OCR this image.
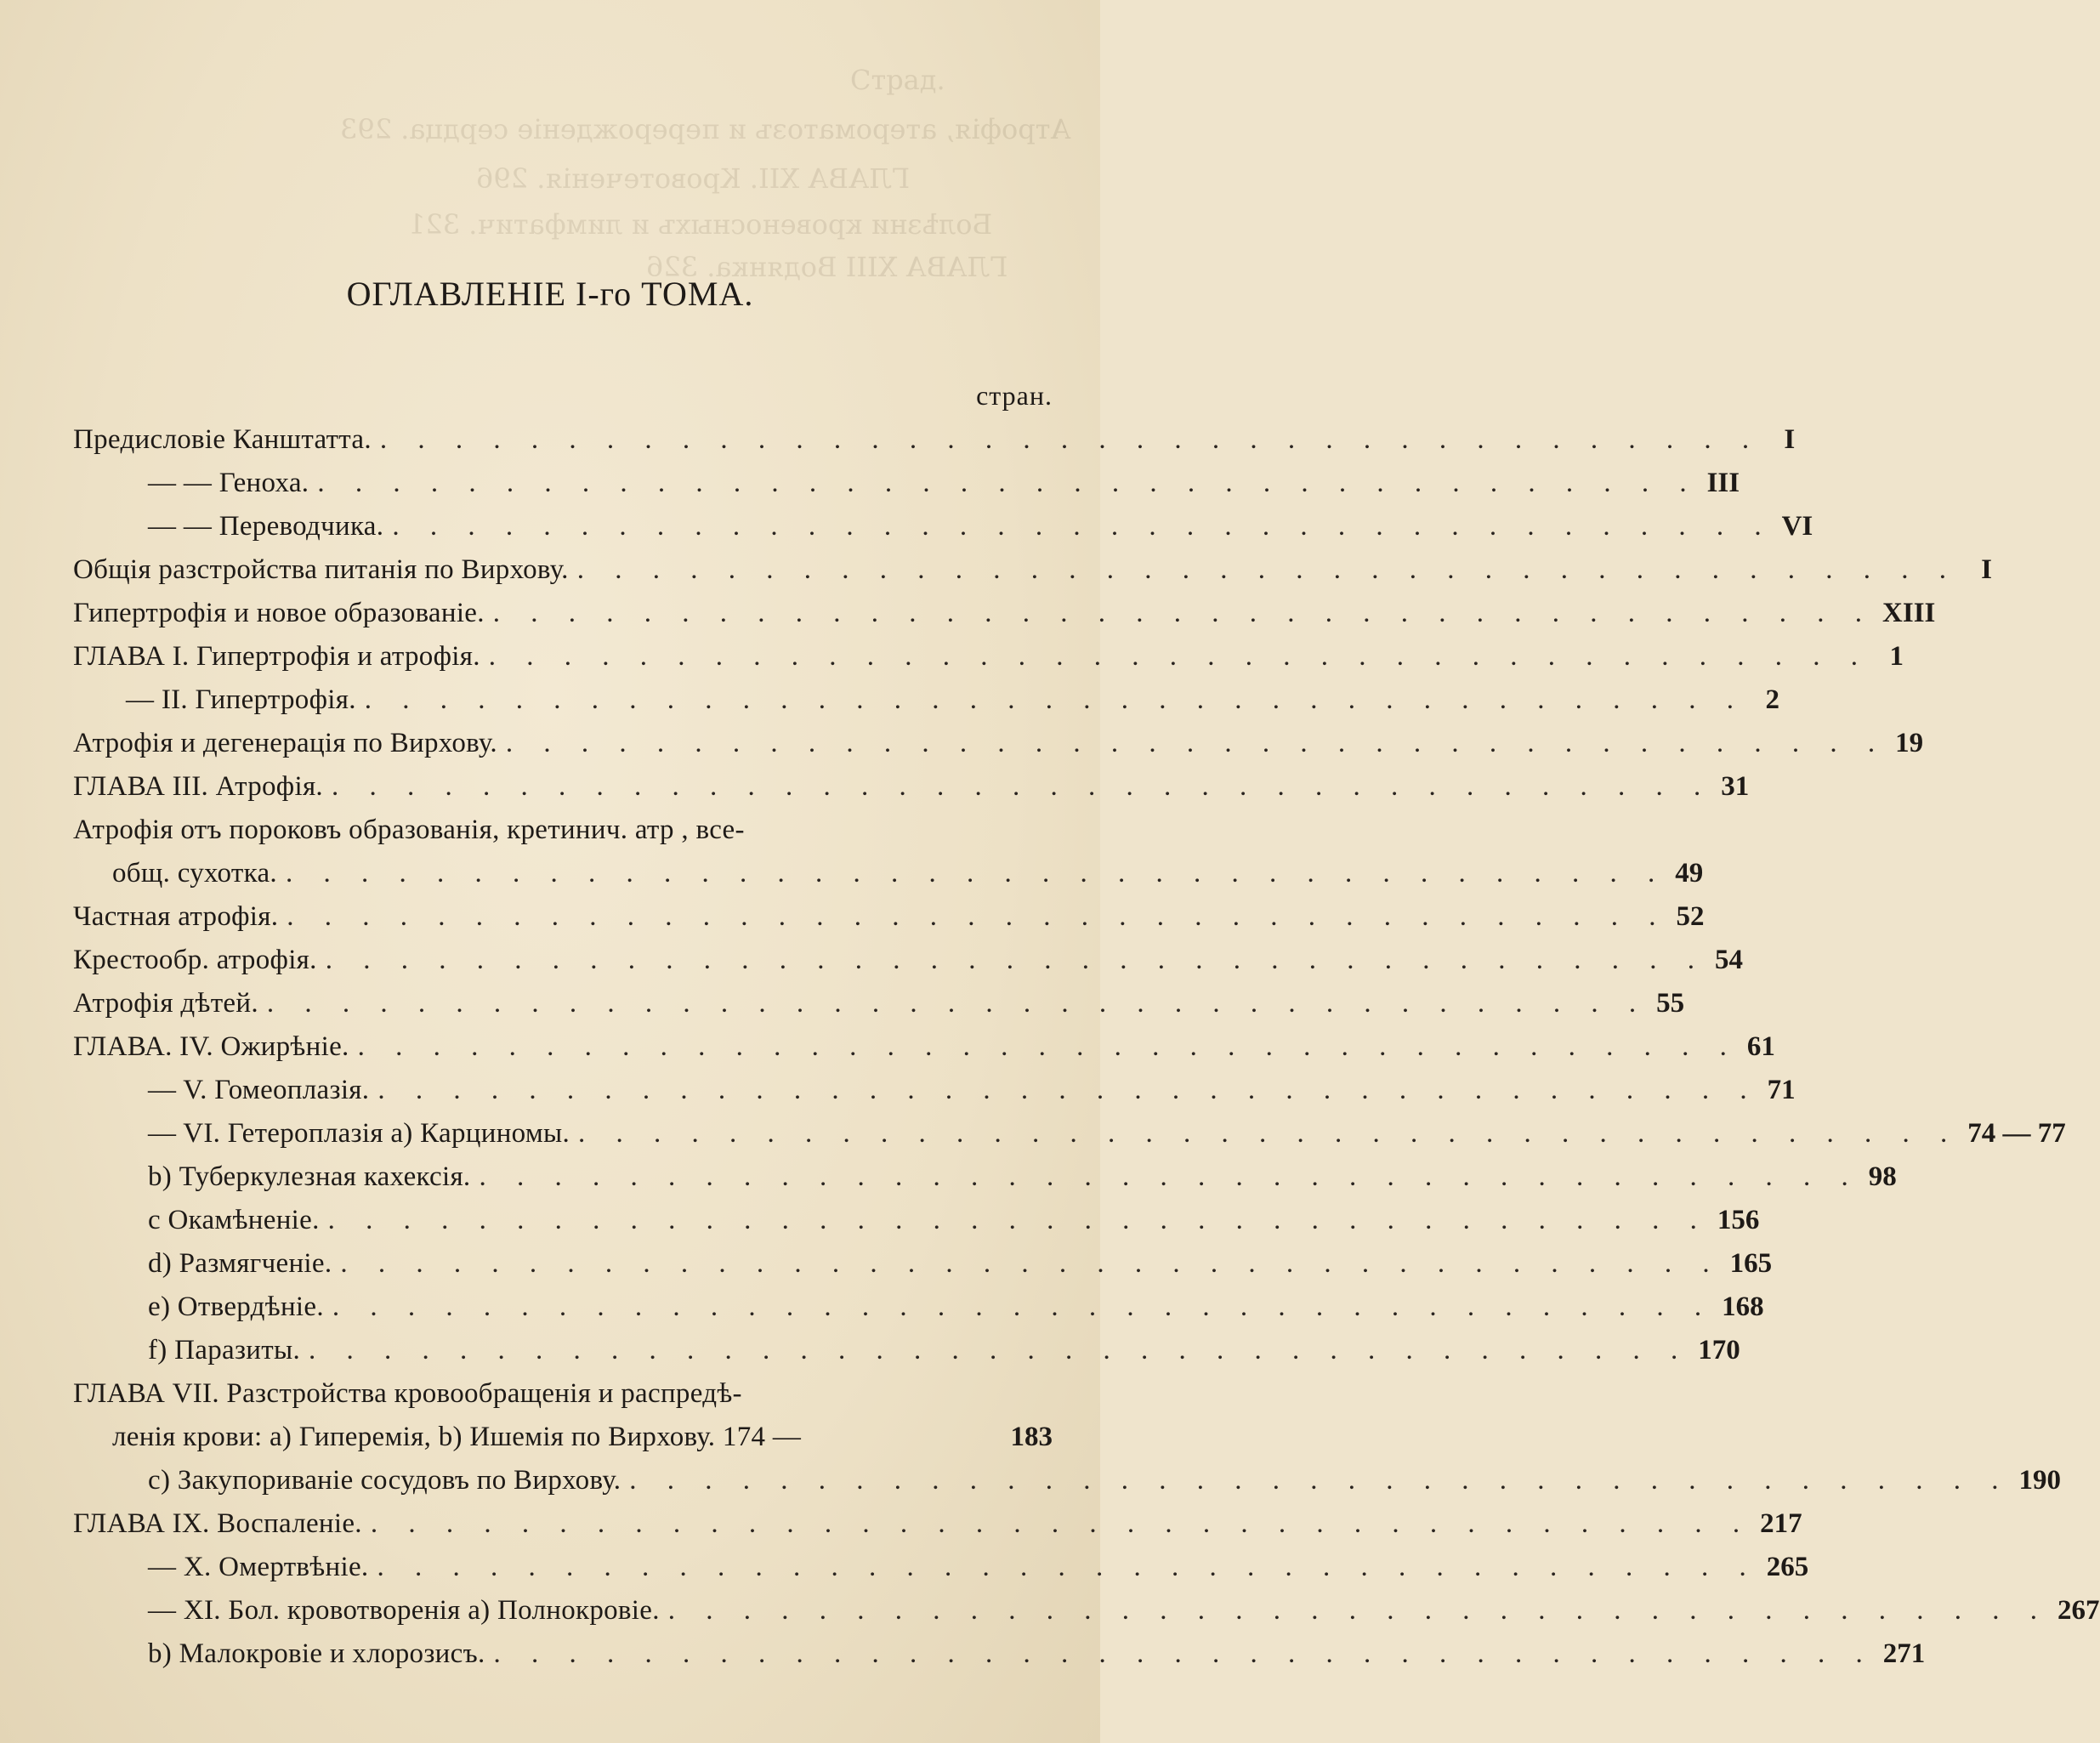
Страд.
Атрофія, атероматозъ и перерожденіе сердца. 293
ГЛАВА XII. Кровотеченія. 296
Болѣзни кровеносныхъ и лимфатич. 321
ГЛАВА XIII Водянка. 326
ОГЛАВЛЕНІЕ І-го ТОМА.
стран.
Предисловіе Канштатта. . . . . . . . . . . . . . . . . . . . . . . . . . . . . . . . . . . . . . I
— — Геноха. . . . . . . . . . . . . . . . . . . . . . . . . . . . . . . . . . . . . . III
— — Переводчика. . . . . . . . . . . . . . . . . . . . . . . . . . . . . . . . . . . . . . VI
Общія разстройства питанія по Вирхову. . . . . . . . . . . . . . . . . . . . . . . . . . . . . . . . . . . . . . I
Гипертрофія и новое образованіе. . . . . . . . . . . . . . . . . . . . . . . . . . . . . . . . . . . . . . XIII
ГЛАВА I. Гипертрофія и атрофія. . . . . . . . . . . . . . . . . . . . . . . . . . . . . . . . . . . . . . 1
— II. Гипертрофія. . . . . . . . . . . . . . . . . . . . . . . . . . . . . . . . . . . . . . 2
Атрофія и дегенерація по Вирхову. . . . . . . . . . . . . . . . . . . . . . . . . . . . . . . . . . . . . . 19
ГЛАВА III. Атрофія. . . . . . . . . . . . . . . . . . . . . . . . . . . . . . . . . . . . . . 31
Атрофія отъ пороковъ образованія, кретинич. атр , все-
общ. сухотка. . . . . . . . . . . . . . . . . . . . . . . . . . . . . . . . . . . . . . 49
Частная атрофія. . . . . . . . . . . . . . . . . . . . . . . . . . . . . . . . . . . . . . 52
Крестообр. атрофія. . . . . . . . . . . . . . . . . . . . . . . . . . . . . . . . . . . . . . 54
Атрофія дѣтей. . . . . . . . . . . . . . . . . . . . . . . . . . . . . . . . . . . . . . 55
ГЛАВА. IV. Ожирѣніе. . . . . . . . . . . . . . . . . . . . . . . . . . . . . . . . . . . . . . 61
— V. Гомеоплазія. . . . . . . . . . . . . . . . . . . . . . . . . . . . . . . . . . . . . . 71
— VI. Гетероплазія a) Карциномы. . . . . . . . . . . . . . . . . . . . . . . . . . . . . . . . . . . . . . 74 — 77
b) Туберкулезная кахексія. . . . . . . . . . . . . . . . . . . . . . . . . . . . . . . . . . . . . . 98
с Окамѣненіе. . . . . . . . . . . . . . . . . . . . . . . . . . . . . . . . . . . . . . 156
d) Размягченіе. . . . . . . . . . . . . . . . . . . . . . . . . . . . . . . . . . . . . . 165
e) Отвердѣніе. . . . . . . . . . . . . . . . . . . . . . . . . . . . . . . . . . . . . . 168
f) Паразиты. . . . . . . . . . . . . . . . . . . . . . . . . . . . . . . . . . . . . . 170
ГЛАВА VII. Разстройства кровообращенія и распредѣ-
ленія крови: a) Гиперемія, b) Ишемія по Вирхову. 174 —	183
c) Закупориваніе сосудовъ по Вирхову. . . . . . . . . . . . . . . . . . . . . . . . . . . . . . . . . . . . . . 190
ГЛАВА IX. Воспаленіе. . . . . . . . . . . . . . . . . . . . . . . . . . . . . . . . . . . . . . 217
— X. Омертвѣніе. . . . . . . . . . . . . . . . . . . . . . . . . . . . . . . . . . . . . . 265
— XI. Бол. кровотворенія a) Полнокровіе. . . . . . . . . . . . . . . . . . . . . . . . . . . . . . . . . . . . . . 267
b) Малокровіе и хлорозисъ. . . . . . . . . . . . . . . . . . . . . . . . . . . . . . . . . . . . . . 271
